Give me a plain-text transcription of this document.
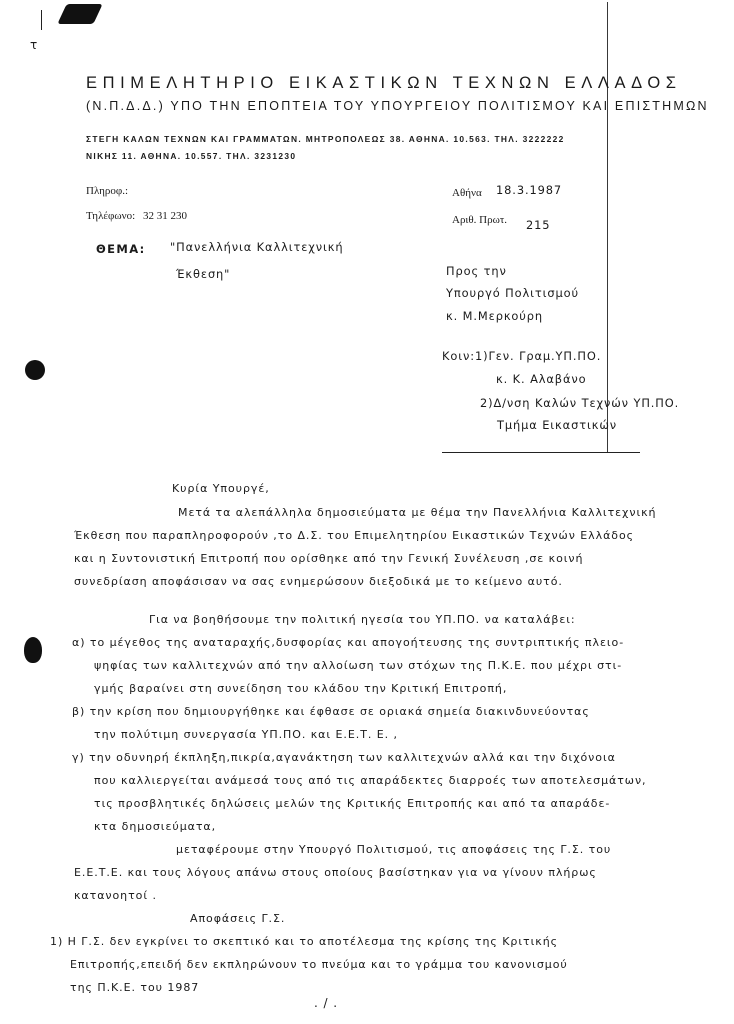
τ
ΕΠΙΜΕΛΗΤΗΡΙΟ ΕΙΚΑΣΤΙΚΩΝ ΤΕΧΝΩΝ ΕΛΛΑΔΟΣ
(Ν.Π.Δ.Δ.) ΥΠΟ ΤΗΝ ΕΠΟΠΤΕΙΑ ΤΟΥ ΥΠΟΥΡΓΕΙΟΥ ΠΟΛΙΤΙΣΜΟΥ ΚΑΙ ΕΠΙΣΤΗΜΩΝ
ΣΤΕΓΗ ΚΑΛΩΝ ΤΕΧΝΩΝ ΚΑΙ ΓΡΑΜΜΑΤΩΝ. ΜΗΤΡΟΠΟΛΕΩΣ 38. ΑΘΗΝΑ. 10.563. ΤΗΛ. 3222222
ΝΙΚΗΣ 11. ΑΘΗΝΑ. 10.557. ΤΗΛ. 3231230
Πληροφ.:
Τηλέφωνο: 32 31 230
Αθήνα 18.3.1987
Αριθ. Πρωτ. 215
ΘΕΜΑ: "Πανελλήνια Καλλιτεχνική
Έκθεση"	Προς την
Υπουργό Πολιτισμού
κ. Μ.Μερκούρη
Κοιν:1)Γεν. Γραμ.ΥΠ.ΠΟ.
κ. Κ. Αλαβάνο
2)Δ/νση Καλών Τεχνών ΥΠ.ΠΟ.
Τμήμα Εικαστικών
Κυρία Υπουργέ,
Μετά τα αλεπάλληλα δημοσιεύματα με θέμα την Πανελλήνια Καλλιτεχνική
Έκθεση που παραπληροφορούν ,το Δ.Σ. του Επιμελητηρίου Εικαστικών Τεχνών Ελλάδος
και η Συντονιστική Επιτροπή που ορίσθηκε από την Γενική Συνέλευση ,σε κοινή
συνεδρίαση αποφάσισαν να σας ενημερώσουν διεξοδικά με το κείμενο αυτό.
Για να βοηθήσουμε την πολιτική ηγεσία του ΥΠ.ΠΟ. να καταλάβει:
α) το μέγεθος της αναταραχής,δυσφορίας και απογοήτευσης της συντριπτικής πλειο-
ψηφίας των καλλιτεχνών από την αλλοίωση των στόχων της Π.Κ.Ε. που μέχρι στι-
γμής βαραίνει στη συνείδηση του κλάδου την Κριτική Επιτροπή,
β) την κρίση που δημιουργήθηκε και έφθασε σε οριακά σημεία διακινδυνεύοντας
την πολύτιμη συνεργασία ΥΠ.ΠΟ. και Ε.Ε.Τ. Ε. ,
γ) την οδυνηρή έκπληξη,πικρία,αγανάκτηση των καλλιτεχνών αλλά και την διχόνοια
που καλλιεργείται ανάμεσά τους από τις απαράδεκτες διαρροές των αποτελεσμάτων,
τις προσβλητικές δηλώσεις μελών της Κριτικής Επιτροπής και από τα απαράδε-
κτα δημοσιεύματα,
μεταφέρουμε στην Υπουργό Πολιτισμού, τις αποφάσεις της Γ.Σ. του
Ε.Ε.Τ.Ε. και τους λόγους απάνω στους οποίους βασίστηκαν για να γίνουν πλήρως
κατανοητοί .
Αποφάσεις Γ.Σ.
1) Η Γ.Σ. δεν εγκρίνει το σκεπτικό και το αποτέλεσμα της κρίσης της Κριτικής
Επιτροπής,επειδή δεν εκπληρώνουν το πνεύμα και το γράμμα του κανονισμού
της Π.Κ.Ε. του 1987
. / .
